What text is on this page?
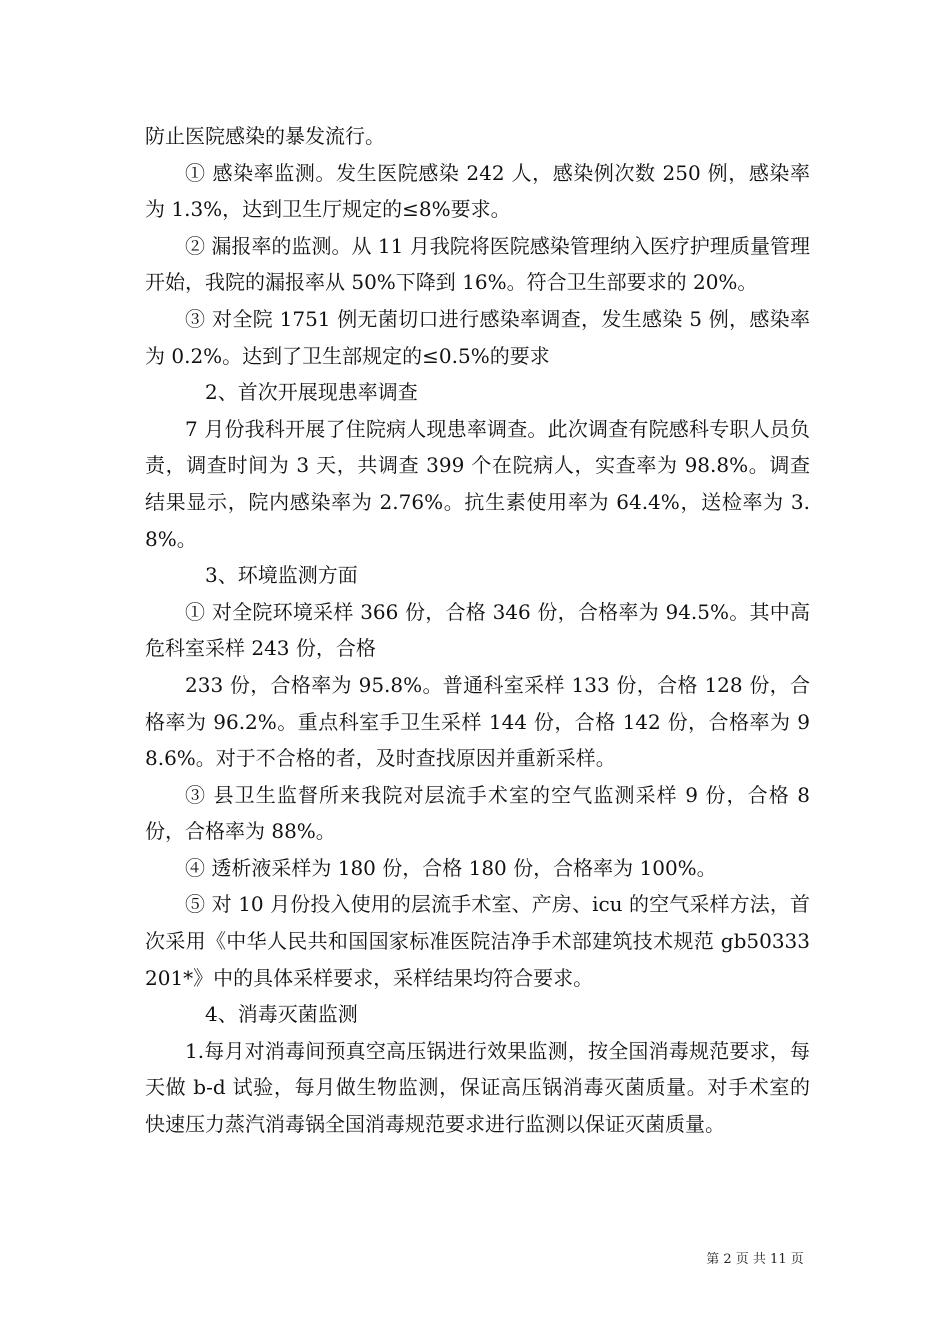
防止医院感染的暴发流行。

① 感染率监测。发生医院感染 242 人，感染例次数 250 例，感染率为 1.3%，达到卫生厅规定的≤8%要求。

② 漏报率的监测。从 11 月我院将医院感染管理纳入医疗护理质量管理开始，我院的漏报率从 50%下降到 16%。符合卫生部要求的 20%。

③ 对全院 1751 例无菌切口进行感染率调查，发生感染 5 例，感染率为 0.2%。达到了卫生部规定的≤0.5%的要求

2、首次开展现患率调查

7 月份我科开展了住院病人现患率调查。此次调查有院感科专职人员负责，调查时间为 3 天，共调查 399 个在院病人，实查率为 98.8%。调查结果显示，院内感染率为 2.76%。抗生素使用率为 64.4%，送检率为 3.8%。

3、环境监测方面

① 对全院环境采样 366 份，合格 346 份，合格率为 94.5%。其中高危科室采样 243 份，合格

233 份，合格率为 95.8%。普通科室采样 133 份，合格 128 份，合格率为 96.2%。重点科室手卫生采样 144 份，合格 142 份，合格率为 98.6%。对于不合格的者，及时查找原因并重新采样。

③ 县卫生监督所来我院对层流手术室的空气监测采样 9 份，合格 8 份，合格率为 88%。

④ 透析液采样为 180 份，合格 180 份，合格率为 100%。

⑤ 对 10 月份投入使用的层流手术室、产房、icu 的空气采样方法，首次采用《中华人民共和国国家标准医院洁净手术部建筑技术规范 gb50333201*》中的具体采样要求，采样结果均符合要求。

4、消毒灭菌监测

1.每月对消毒间预真空高压锅进行效果监测，按全国消毒规范要求，每天做 b-d 试验，每月做生物监测，保证高压锅消毒灭菌质量。对手术室的快速压力蒸汽消毒锅全国消毒规范要求进行监测以保证灭菌质量。

第 2 页 共 11 页
